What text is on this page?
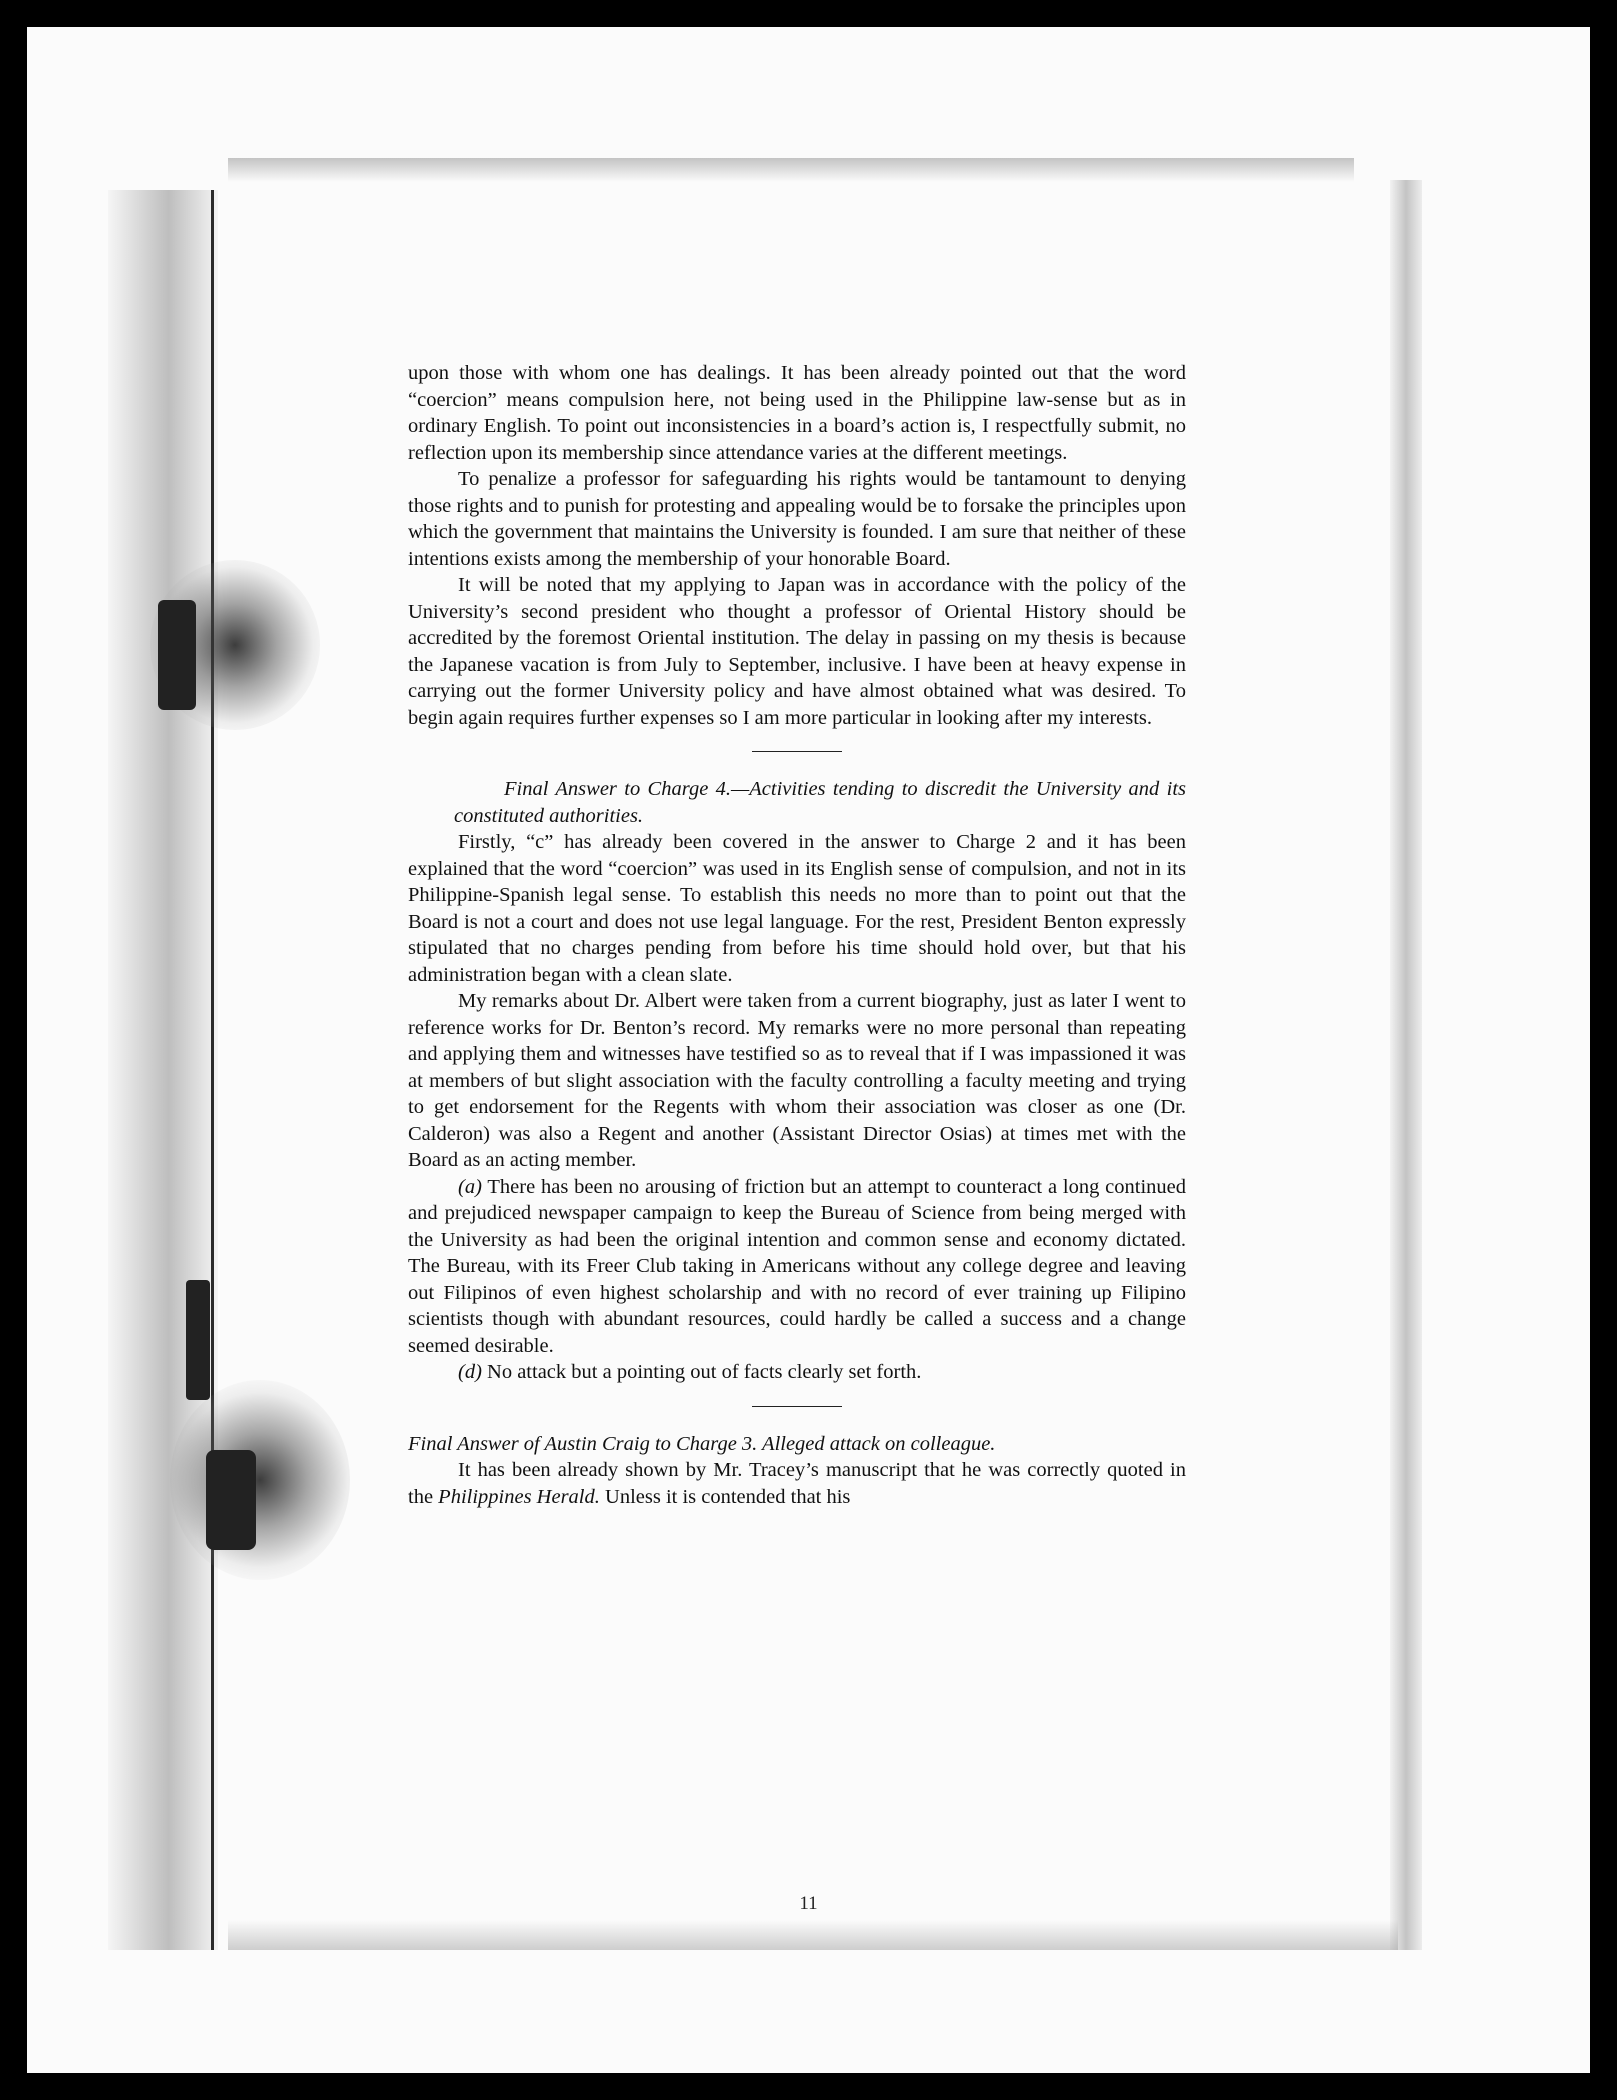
upon those with whom one has dealings. It has been already pointed out that the word “coercion” means compulsion here, not being used in the Philippine law-sense but as in ordinary English. To point out inconsistencies in a board’s action is, I respectfully submit, no reflection upon its membership since attendance varies at the different meetings.

To penalize a professor for safeguarding his rights would be tantamount to denying those rights and to punish for protesting and appealing would be to forsake the principles upon which the government that maintains the University is founded. I am sure that neither of these intentions exists among the membership of your honorable Board.

It will be noted that my applying to Japan was in accordance with the policy of the University’s second president who thought a professor of Oriental History should be accredited by the foremost Oriental institution. The delay in passing on my thesis is because the Japanese vacation is from July to September, inclusive. I have been at heavy expense in carrying out the former University policy and have almost obtained what was desired. To begin again requires further expenses so I am more particular in looking after my interests.

Final Answer to Charge 4.—Activities tending to discredit the University and its constituted authorities.

Firstly, “c” has already been covered in the answer to Charge 2 and it has been explained that the word “coercion” was used in its English sense of compulsion, and not in its Philippine-Spanish legal sense. To establish this needs no more than to point out that the Board is not a court and does not use legal language. For the rest, President Benton expressly stipulated that no charges pending from before his time should hold over, but that his administration began with a clean slate.

My remarks about Dr. Albert were taken from a current biography, just as later I went to reference works for Dr. Benton’s record. My remarks were no more personal than repeating and applying them and witnesses have testified so as to reveal that if I was impassioned it was at members of but slight association with the faculty controlling a faculty meeting and trying to get endorsement for the Regents with whom their association was closer as one (Dr. Calderon) was also a Regent and another (Assistant Director Osias) at times met with the Board as an acting member.

(a) There has been no arousing of friction but an attempt to counteract a long continued and prejudiced newspaper campaign to keep the Bureau of Science from being merged with the University as had been the original intention and common sense and economy dictated. The Bureau, with its Freer Club taking in Americans without any college degree and leaving out Filipinos of even highest scholarship and with no record of ever training up Filipino scientists though with abundant resources, could hardly be called a success and a change seemed desirable.

(d) No attack but a pointing out of facts clearly set forth.

Final Answer of Austin Craig to Charge 3. Alleged attack on colleague.

It has been already shown by Mr. Tracey’s manuscript that he was correctly quoted in the Philippines Herald. Unless it is contended that his

11
